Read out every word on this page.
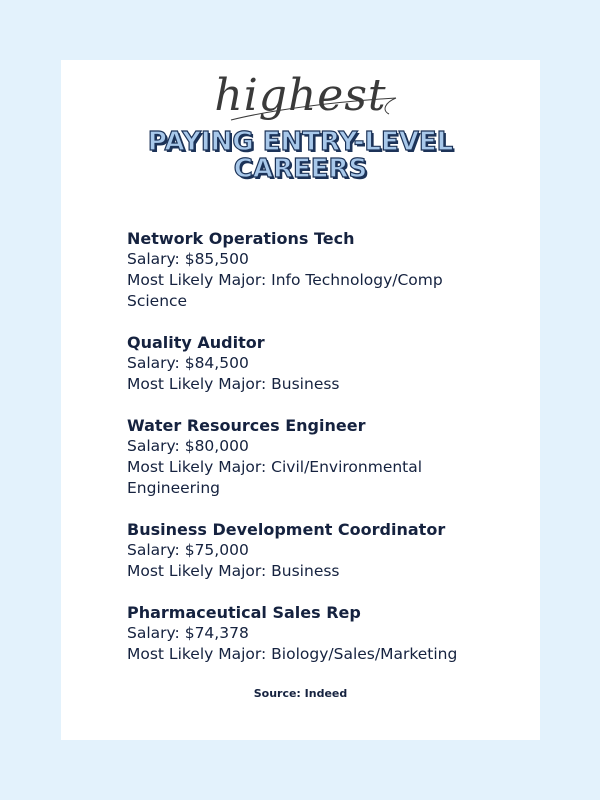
highest
PAYING ENTRY-LEVEL
CAREERS
Network Operations Tech
Salary: $85,500
Most Likely Major: Info Technology/Comp Science
Quality Auditor
Salary: $84,500
Most Likely Major: Business
Water Resources Engineer
Salary: $80,000
Most Likely Major: Civil/Environmental Engineering
Business Development Coordinator
Salary: $75,000
Most Likely Major: Business
Pharmaceutical Sales Rep
Salary: $74,378
Most Likely Major: Biology/Sales/Marketing
Source: Indeed
